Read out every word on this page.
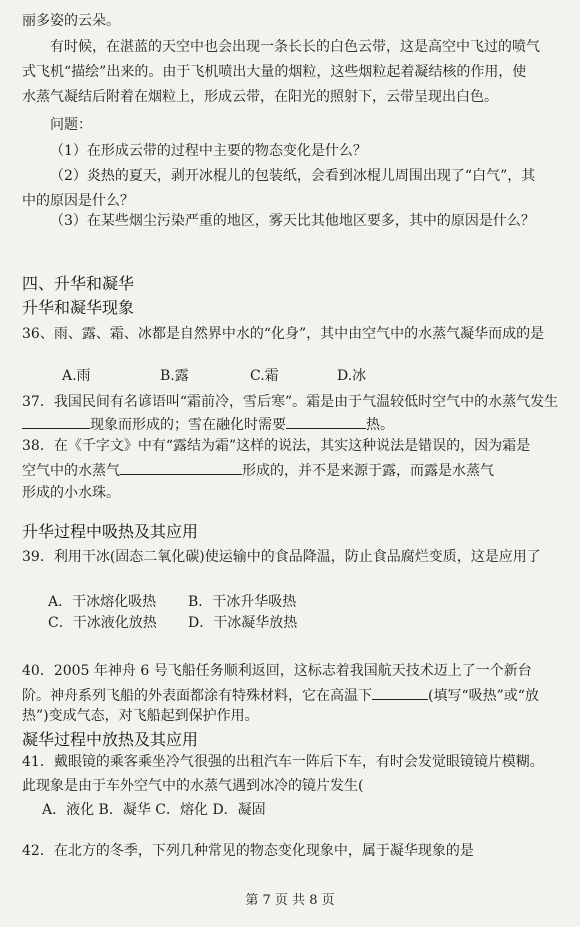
丽多姿的云朵。
有时候，在湛蓝的天空中也会出现一条长长的白色云带，这是高空中飞过的喷气
式飞机“描绘”出来的。由于飞机喷出大量的烟粒，这些烟粒起着凝结核的作用，使
水蒸气凝结后附着在烟粒上，形成云带，在阳光的照射下，云带呈现出白色。
问题：
（1）在形成云带的过程中主要的物态变化是什么？
（2）炎热的夏天，剥开冰棍儿的包装纸，会看到冰棍儿周围出现了“白气”，其
中的原因是什么？
（3）在某些烟尘污染严重的地区，雾天比其他地区要多，其中的原因是什么？
四、升华和凝华
升华和凝华现象
36、雨、露、霜、冰都是自然界中水的“化身”，其中由空气中的水蒸气凝华而成的是
A.雨	B.露	C.霜	D.冰
37．我国民间有名谚语叫“霜前冷，雪后寒”。霜是由于气温较低时空气中的水蒸气发生
现象而形成的；雪在融化时需要	热。
38．在《千字文》中有“露结为霜”这样的说法，其实这种说法是错误的，因为霜是
空气中的水蒸气	形成的，并不是来源于露，而露是水蒸气
形成的小水珠。
升华过程中吸热及其应用
39．利用干冰(固态二氧化碳)使运输中的食品降温，防止食品腐烂变质，这是应用了
A．干冰熔化吸热 B．干冰升华吸热
C．干冰液化放热 D．干冰凝华放热
40．2005 年神舟 6 号飞船任务顺利返回，这标志着我国航天技术迈上了一个新台
阶。神舟系列飞船的外表面都涂有特殊材料，它在高温下	(填写“吸热”或“放
热”)变成气态，对飞船起到保护作用。
凝华过程中放热及其应用
41．戴眼镜的乘客乘坐冷气很强的出租汽车一阵后下车，有时会发觉眼镜镜片模糊。
此现象是由于车外空气中的水蒸气遇到冰冷的镜片发生(
A．液化 B．凝华 C．熔化 D．凝固
42．在北方的冬季，下列几种常见的物态变化现象中，属于凝华现象的是
第 7 页 共 8 页
